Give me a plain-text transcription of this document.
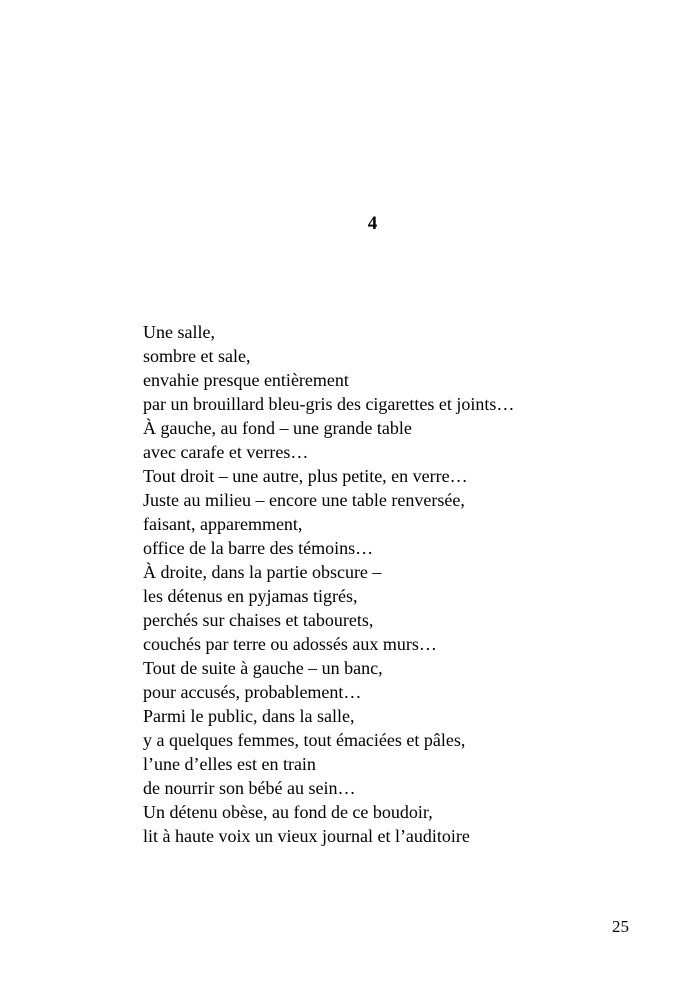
4
Une salle,
sombre et sale,
envahie presque entièrement
par un brouillard bleu-gris des cigarettes et joints…
À gauche, au fond – une grande table
avec carafe et verres…
Tout droit – une autre, plus petite, en verre…
Juste au milieu – encore une table renversée,
faisant, apparemment,
office de la barre des témoins…
À droite, dans la partie obscure –
les détenus en pyjamas tigrés,
perchés sur chaises et tabourets,
couchés par terre ou adossés aux murs…
Tout de suite à gauche – un banc,
pour accusés, probablement…
Parmi le public, dans la salle,
y a quelques femmes, tout émaciées et pâles,
l’une d’elles est en train
de nourrir son bébé au sein…
Un détenu obèse, au fond de ce boudoir,
lit à haute voix un vieux journal et l’auditoire
25
